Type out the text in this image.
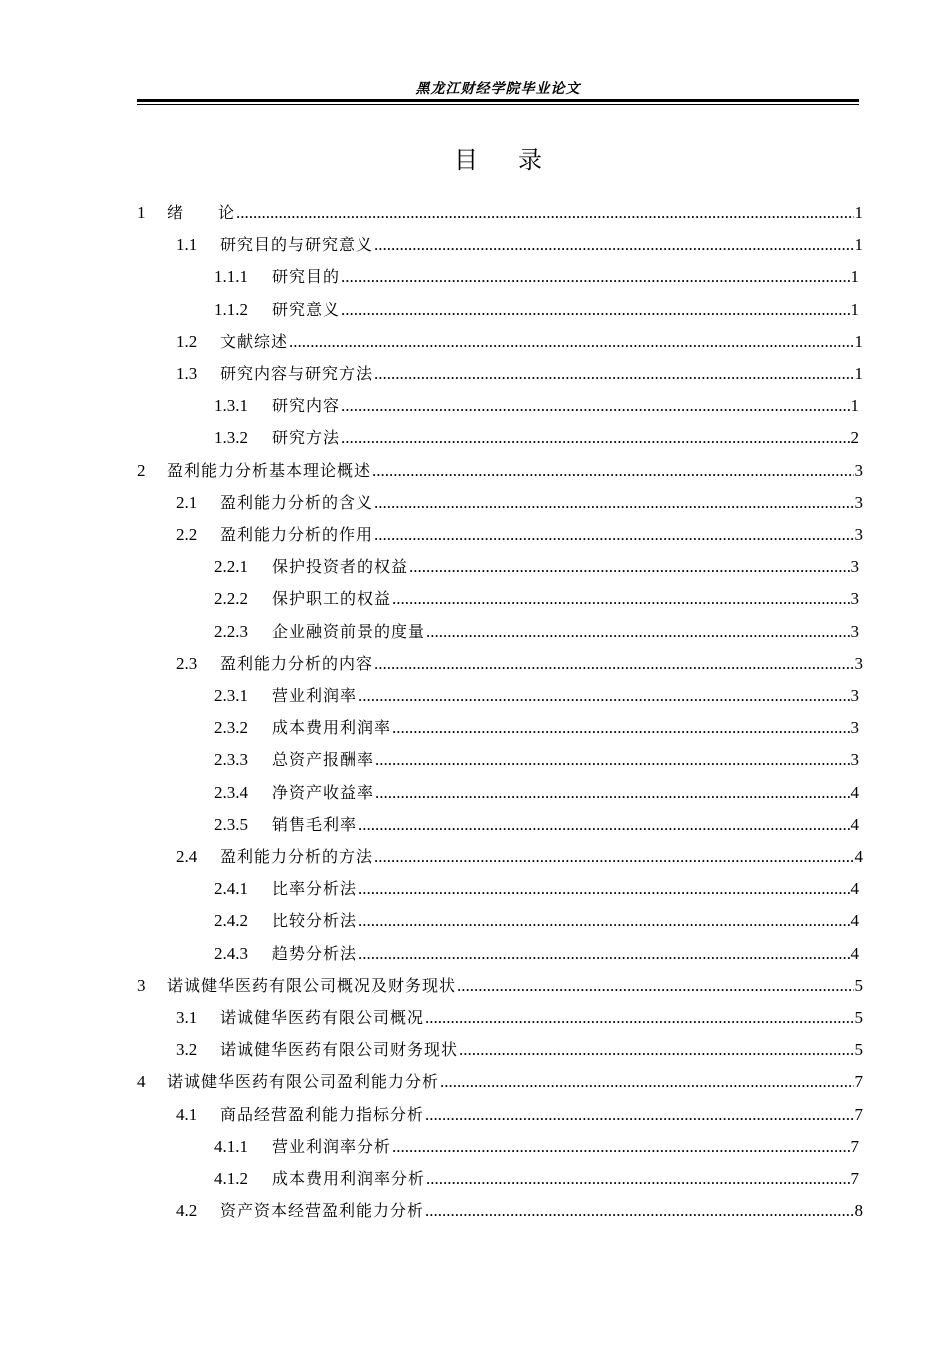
黑龙江财经学院毕业论文
目录
1	绪　　论 .....	1
1.1	研究目的与研究意义 .....	1
1.1.1	研究目的 .....	1
1.1.2	研究意义 .....	1
1.2	文献综述 .....	1
1.3	研究内容与研究方法 .....	1
1.3.1	研究内容 .....	1
1.3.2	研究方法 .....	2
2	盈利能力分析基本理论概述 .....	3
2.1	盈利能力分析的含义 .....	3
2.2	盈利能力分析的作用 .....	3
2.2.1	保护投资者的权益 .....	3
2.2.2	保护职工的权益 .....	3
2.2.3	企业融资前景的度量 .....	3
2.3	盈利能力分析的内容 .....	3
2.3.1	营业利润率 .....	3
2.3.2	成本费用利润率 .....	3
2.3.3	总资产报酬率 .....	3
2.3.4	净资产收益率 .....	4
2.3.5	销售毛利率 .....	4
2.4	盈利能力分析的方法 .....	4
2.4.1	比率分析法 .....	4
2.4.2	比较分析法 .....	4
2.4.3	趋势分析法 .....	4
3	诺诚健华医药有限公司概况及财务现状 .....	5
3.1	诺诚健华医药有限公司概况 .....	5
3.2	诺诚健华医药有限公司财务现状 .....	5
4	诺诚健华医药有限公司盈利能力分析 .....	7
4.1	商品经营盈利能力指标分析 .....	7
4.1.1	营业利润率分析 .....	7
4.1.2	成本费用利润率分析 .....	7
4.2	资产资本经营盈利能力分析 .....	8
